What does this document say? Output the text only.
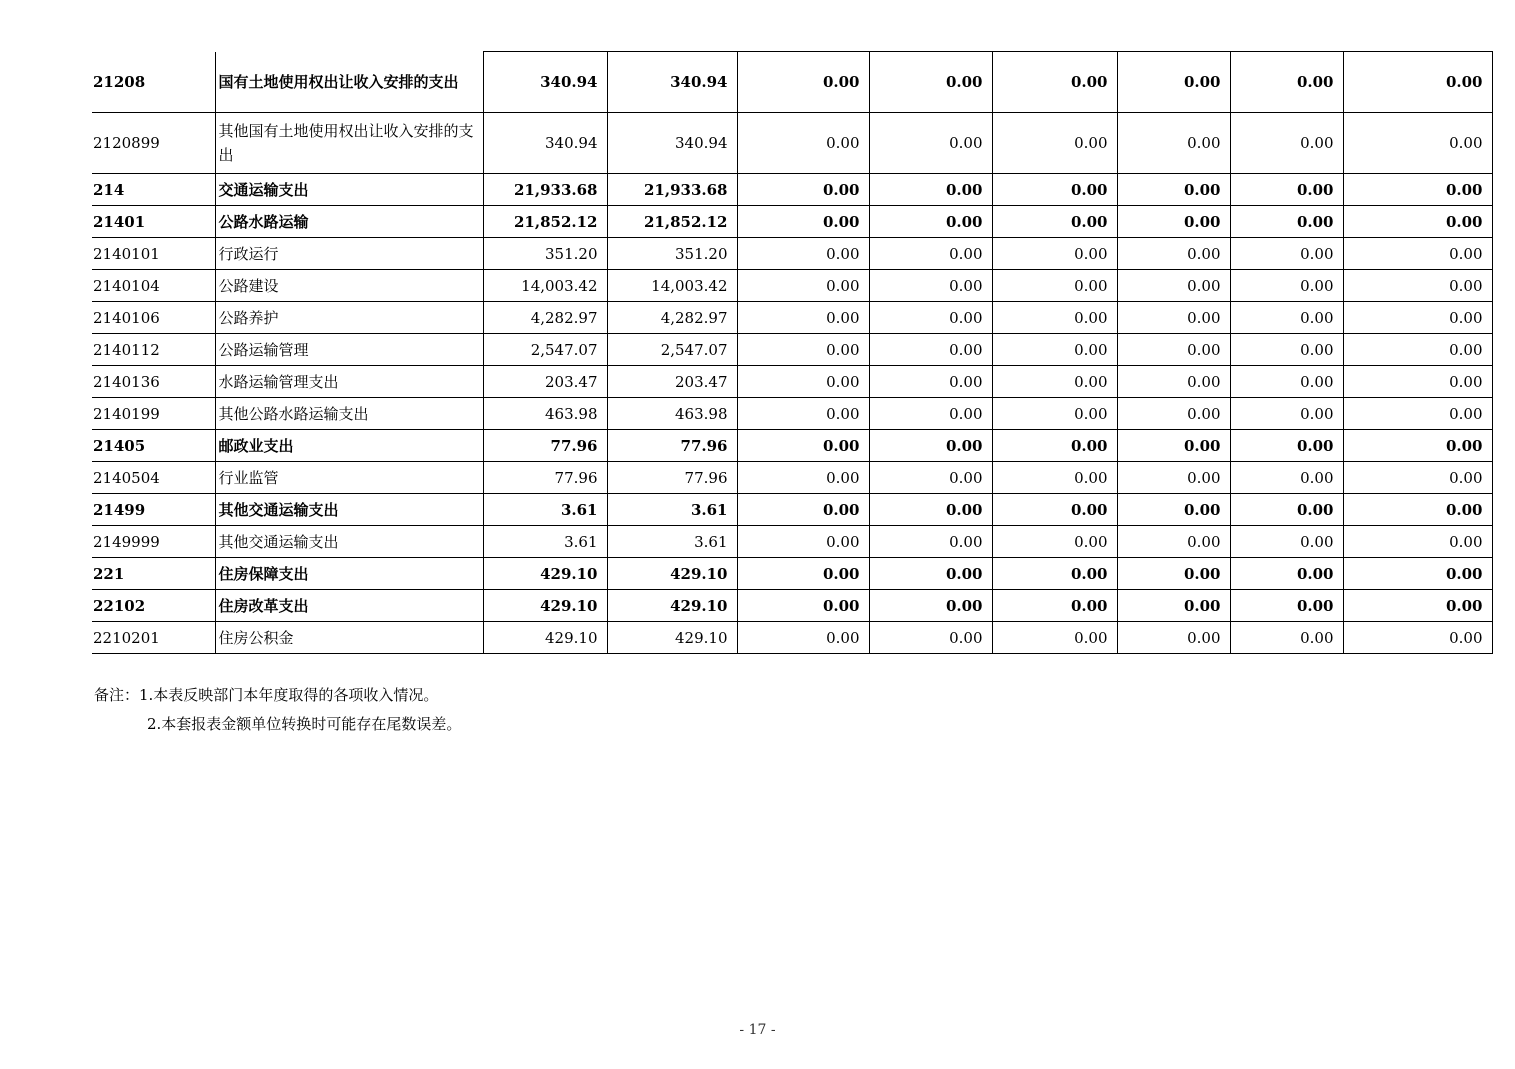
21208	国有土地使用权出让收入安排的支出	340.94	340.94	0.00	0.00	0.00	0.00	0.00	0.00
2120899	其他国有土地使用权出让收入安排的支出	340.94	340.94	0.00	0.00	0.00	0.00	0.00	0.00
214	交通运输支出	21,933.68	21,933.68	0.00	0.00	0.00	0.00	0.00	0.00
21401	公路水路运输	21,852.12	21,852.12	0.00	0.00	0.00	0.00	0.00	0.00
2140101	行政运行	351.20	351.20	0.00	0.00	0.00	0.00	0.00	0.00
2140104	公路建设	14,003.42	14,003.42	0.00	0.00	0.00	0.00	0.00	0.00
2140106	公路养护	4,282.97	4,282.97	0.00	0.00	0.00	0.00	0.00	0.00
2140112	公路运输管理	2,547.07	2,547.07	0.00	0.00	0.00	0.00	0.00	0.00
2140136	水路运输管理支出	203.47	203.47	0.00	0.00	0.00	0.00	0.00	0.00
2140199	其他公路水路运输支出	463.98	463.98	0.00	0.00	0.00	0.00	0.00	0.00
21405	邮政业支出	77.96	77.96	0.00	0.00	0.00	0.00	0.00	0.00
2140504	行业监管	77.96	77.96	0.00	0.00	0.00	0.00	0.00	0.00
21499	其他交通运输支出	3.61	3.61	0.00	0.00	0.00	0.00	0.00	0.00
2149999	其他交通运输支出	3.61	3.61	0.00	0.00	0.00	0.00	0.00	0.00
221	住房保障支出	429.10	429.10	0.00	0.00	0.00	0.00	0.00	0.00
22102	住房改革支出	429.10	429.10	0.00	0.00	0.00	0.00	0.00	0.00
2210201	住房公积金	429.10	429.10	0.00	0.00	0.00	0.00	0.00	0.00
备注：1.本表反映部门本年度取得的各项收入情况。
2.本套报表金额单位转换时可能存在尾数误差。
- 17 -
